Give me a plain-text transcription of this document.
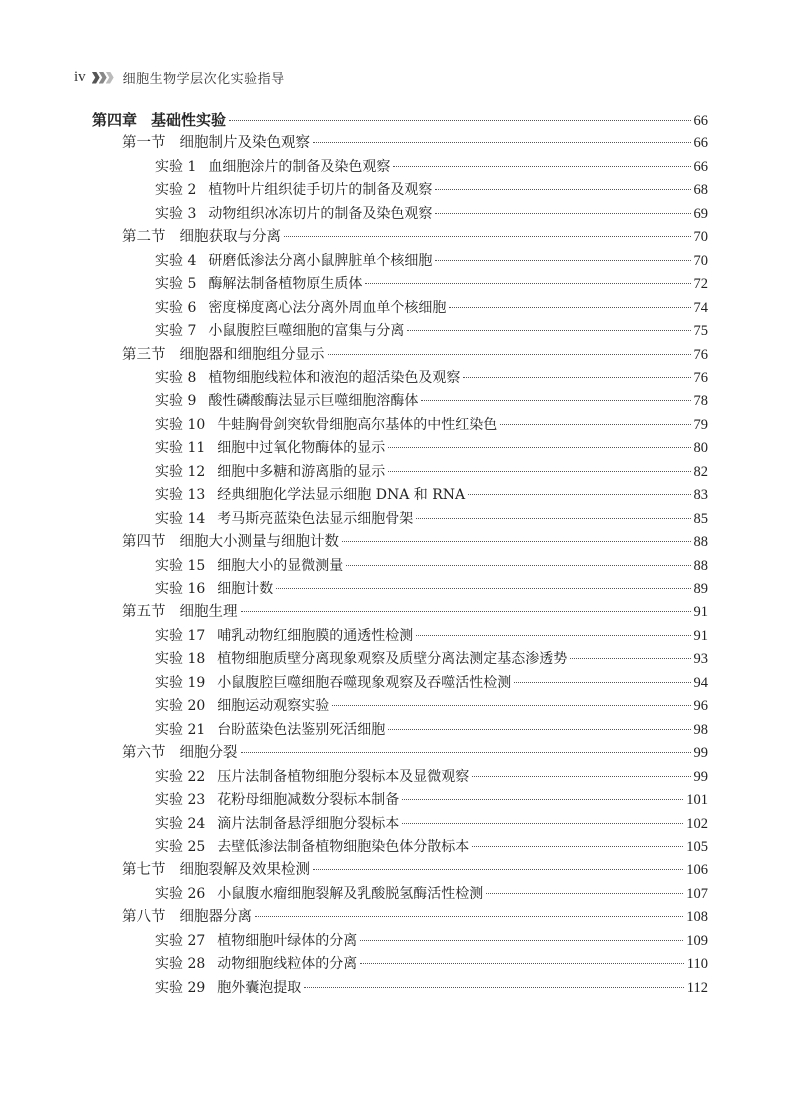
iv	细胞生物学层次化实验指导
第四章 基础性实验	66
第一节 细胞制片及染色观察	66
实验 1 血细胞涂片的制备及染色观察	66
实验 2 植物叶片组织徒手切片的制备及观察	68
实验 3 动物组织冰冻切片的制备及染色观察	69
第二节 细胞获取与分离	70
实验 4 研磨低渗法分离小鼠脾脏单个核细胞	70
实验 5 酶解法制备植物原生质体	72
实验 6 密度梯度离心法分离外周血单个核细胞	74
实验 7 小鼠腹腔巨噬细胞的富集与分离	75
第三节 细胞器和细胞组分显示	76
实验 8 植物细胞线粒体和液泡的超活染色及观察	76
实验 9 酸性磷酸酶法显示巨噬细胞溶酶体	78
实验 10 牛蛙胸骨剑突软骨细胞高尔基体的中性红染色	79
实验 11 细胞中过氧化物酶体的显示	80
实验 12 细胞中多糖和游离脂的显示	82
实验 13 经典细胞化学法显示细胞 DNA 和 RNA	83
实验 14 考马斯亮蓝染色法显示细胞骨架	85
第四节 细胞大小测量与细胞计数	88
实验 15 细胞大小的显微测量	88
实验 16 细胞计数	89
第五节 细胞生理	91
实验 17 哺乳动物红细胞膜的通透性检测	91
实验 18 植物细胞质壁分离现象观察及质壁分离法测定基态渗透势	93
实验 19 小鼠腹腔巨噬细胞吞噬现象观察及吞噬活性检测	94
实验 20 细胞运动观察实验	96
实验 21 台盼蓝染色法鉴别死活细胞	98
第六节 细胞分裂	99
实验 22 压片法制备植物细胞分裂标本及显微观察	99
实验 23 花粉母细胞减数分裂标本制备	101
实验 24 滴片法制备悬浮细胞分裂标本	102
实验 25 去壁低渗法制备植物细胞染色体分散标本	105
第七节 细胞裂解及效果检测	106
实验 26 小鼠腹水瘤细胞裂解及乳酸脱氢酶活性检测	107
第八节 细胞器分离	108
实验 27 植物细胞叶绿体的分离	109
实验 28 动物细胞线粒体的分离	110
实验 29 胞外囊泡提取	112
